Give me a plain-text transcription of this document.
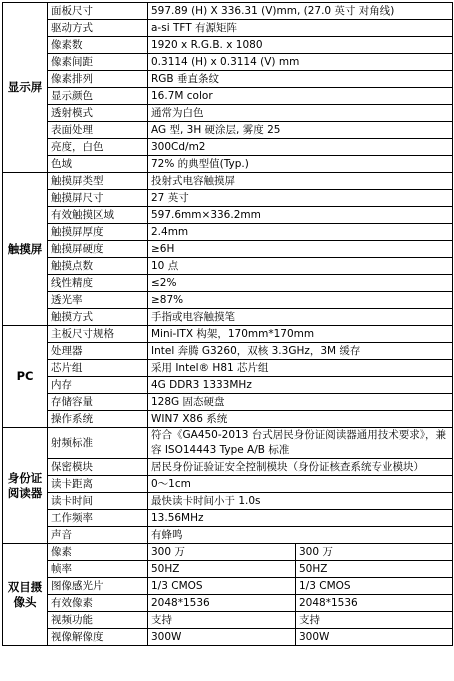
显示屏	面板尺寸	597.89 (H) X 336.31 (V)mm, (27.0 英寸 对角线)	
	驱动方式	a-si TFT 有源矩阵	
	像素数	1920 x R.G.B. x 1080	
	像素间距	0.3114 (H) x 0.3114 (V) mm	
	像素排列	RGB 垂直条纹	
	显示颜色	16.7M color	
	透射模式	通常为白色	
	表面处理	AG 型, 3H 硬涂层, 雾度 25	
	亮度，白色	300Cd/m2	
	色域	72% 的典型值(Typ.)	
触摸屏	触摸屏类型	投射式电容触摸屏	
	触摸屏尺寸	27 英寸	
	有效触摸区域	597.6mm×336.2mm	
	触摸屏厚度	2.4mm	
	触摸屏硬度	≥6H	
	触摸点数	10 点	
	线性精度	≤2%	
	透光率	≥87%	
	触摸方式	手指或电容触摸笔	
PC	主板尺寸规格	Mini-ITX 构架，170mm*170mm	
	处理器	Intel 奔腾 G3260，双核 3.3GHz，3M 缓存	
	芯片组	采用 Intel® H81 芯片组	
	内存	4G DDR3 1333MHz	
	存储容量	128G 固态硬盘	
	操作系统	WIN7 X86 系统	
身份证阅读器	射频标准	符合《GA450-2013 台式居民身份证阅读器通用技术要求》，兼容 ISO14443 Type A/B 标准	
	保密模块	居民身份证验证安全控制模块（身份证核查系统专业模块）	
	读卡距离	0～1cm	
	读卡时间	最快读卡时间小于 1.0s	
	工作频率	13.56MHz	
	声音	有蜂鸣	
双目摄像头	像素	300 万	300 万
	帧率	50HZ	50HZ
	图像感光片	1/3 CMOS	1/3 CMOS
	有效像素	2048*1536	2048*1536
	视频功能	支持	支持
	视像解像度	300W	300W
